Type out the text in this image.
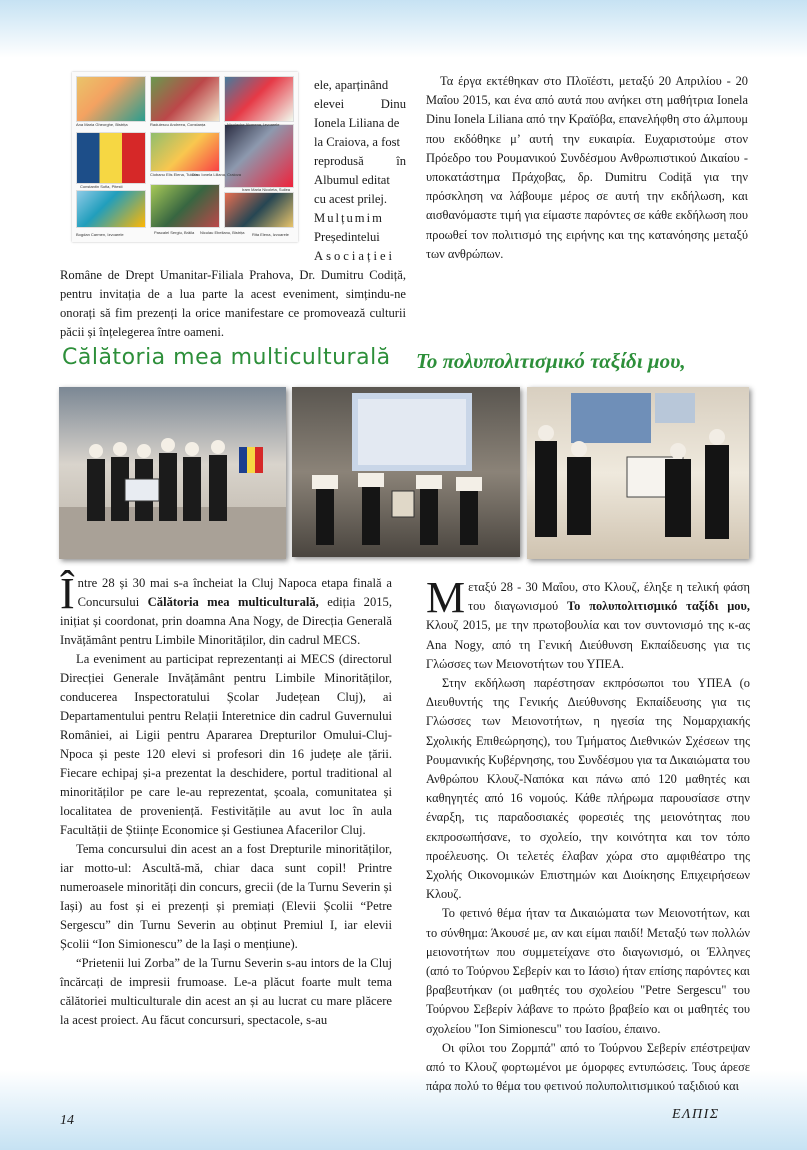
Ana Maria Gheorghe, Bistrița	Radulescu Andreea, Constanța	Nicolache Alcmena, Izvoarele
Ciobanu Elis Elena, Tulcea
Dinu Ionela Liliana, Craiova
Iram Maria Nicoleta, Suilea
Constantin Sofia, Pitesti
Bogdan Carmen, Izvoarele	Pascalel Sergiu, Brăila Niculau Ebelianu, Bistrița Rita Elena, Izvoarele
ele, aparținând
elevei Dinu
Ionela Liliana de
la Craiova, a fost
reprodusă în
Albumul editat
cu acest prilej.
Mulțumim
Președintelui
Asociației
Române de Drept Umanitar-Filiala Prahova, Dr. Dumitru Codiță, pentru invitația de a lua parte la acest eveniment, simțindu-ne onorați să fim prezenți la orice manifestare ce promovează culturii păcii și înțelegerea între oameni.

Τα έργα εκτέθηκαν στο Πλοϊέστι, μεταξύ 20 Απριλίου - 20 Μαΐου 2015, και ένα από αυτά που ανήκει στη μαθήτρια Ionela Dinu Ionela Liliana από την Κραϊόβα, επανελήφθη στο άλμπουμ που εκδόθηκε μ’ αυτή την ευκαιρία. Ευχαριστούμε στον Πρόεδρο του Ρουμανικού Συνδέσμου Ανθρωπιστικού Δικαίου - υποκατάστημα Πράχοβας, δρ. Dumitru Codiță για την πρόσκληση να λάβουμε μέρος σε αυτή την εκδήλωση, και αισθανόμαστε τιμή για είμαστε παρόντες σε κάθε εκδήλωση που προωθεί τον πολιτισμό της ειρήνης και της κατανόησης μεταξύ των ανθρώπων.

Călătoria mea multiculturală Το πολυπολιτισμικό ταξίδι μου,

Între 28 și 30 mai s-a încheiat la Cluj Napoca etapa finală a Concursului Călătoria mea multiculturală, ediția 2015, inițiat și coordonat, prin doamna Ana Nogy, de Direcția Generală Invățământ pentru Limbile Minorităților, din cadrul MECS.

La eveniment au participat reprezentanți ai MECS (directorul Direcției Generale Invățământ pentru Limbile Minorităților, conducerea Inspectoratului Școlar Județean Cluj), ai Departamentului pentru Relații Interetnice din cadrul Guvernului României, ai Ligii pentru Apararea Drepturilor Omului-Cluj-Npoca și peste 120 elevi si profesori din 16 județe ale țării. Fiecare echipaj și-a prezentat la deschidere, portul traditional al minorităților pe care le-au reprezentat, școala, comunitatea și localitatea de proveniență. Festivitățile au avut loc în aula Facultății de Științe Economice și Gestiunea Afacerilor Cluj.

Tema concursului din acest an a fost Drepturile minorităților, iar motto-ul: Ascultă-mă, chiar daca sunt copil! Printre numeroasele minorități din concurs, grecii (de la Turnu Severin și Iași) au fost și ei prezenți și premiați (Elevii Școlii “Petre Sergescu” din Turnu Severin au obținut Premiul I, iar elevii Școlii “Ion Simionescu” de la Iași o mențiune).

“Prietenii lui Zorba” de la Turnu Severin s-au intors de la Cluj încărcați de impresii frumoase. Le-a plăcut foarte mult tema călătoriei multiculturale din acest an și au lucrat cu mare plăcere la acest proiect. Au făcut concursuri, spectacole, s-au

Μεταξύ 28 - 30 Μαΐου, στο Κλουζ, έληξε η τελική φάση του διαγωνισμού Το πολυπολιτισμικό ταξίδι μου, Κλουζ 2015, με την πρωτοβουλία και τον συντονισμό της κ-ας Ana Nogy, από τη Γενική Διεύθυνση Εκπαίδευσης για τις Γλώσσες των Μειονοτήτων του ΥΠΕΑ.

Στην εκδήλωση παρέστησαν εκπρόσωποι του ΥΠΕΑ (ο Διευθυντής της Γενικής Διεύθυνσης Εκπαίδευσης για τις Γλώσσες των Μειονοτήτων, η ηγεσία της Νομαρχιακής Σχολικής Επιθεώρησης), του Τμήματος Διεθνικών Σχέσεων της Ρουμανικής Κυβέρνησης, του Συνδέσμου για τα Δικαιώματα του Ανθρώπου Κλουζ-Ναπόκα και πάνω από 120 μαθητές και καθηγητές από 16 νομούς. Κάθε πλήρωμα παρουσίασε στην έναρξη, τις παραδοσιακές φορεσιές της μειονότητας που εκπροσωπήσανε, το σχολείο, την κοινότητα και τον τόπο προέλευσης. Οι τελετές έλαβαν χώρα στο αμφιθέατρο της Σχολής Οικονομικών Επιστημών και Διοίκησης Επιχειρήσεων Κλουζ.

Το φετινό θέμα ήταν τα Δικαιώματα των Μειονοτήτων, και το σύνθημα: Άκουσέ με, αν και είμαι παιδί! Μεταξύ των πολλών μειονοτήτων που συμμετείχανε στο διαγωνισμό, οι Έλληνες (από το Τούρνου Σεβερίν και το Ιάσιο) ήταν επίσης παρόντες και βραβευτήκαν (οι μαθητές του σχολείου "Petre Sergescu" του Τούρνου Σεβερίν λάβανε το πρώτο βραβείο και οι μαθητές του σχολείου "Ion Simionescu" του Ιασίου, έπαινο.

Οι φίλοι του Ζορμπά" από το Τούρνου Σεβερίν επέστρεψαν από το Κλουζ φορτωμένοι με όμορφες εντυπώσεις. Τους άρεσε πάρα πολύ το θέμα του φετινού πολυπολιτισμικού ταξιδιού και

14	ΕΛΠΙΣ
